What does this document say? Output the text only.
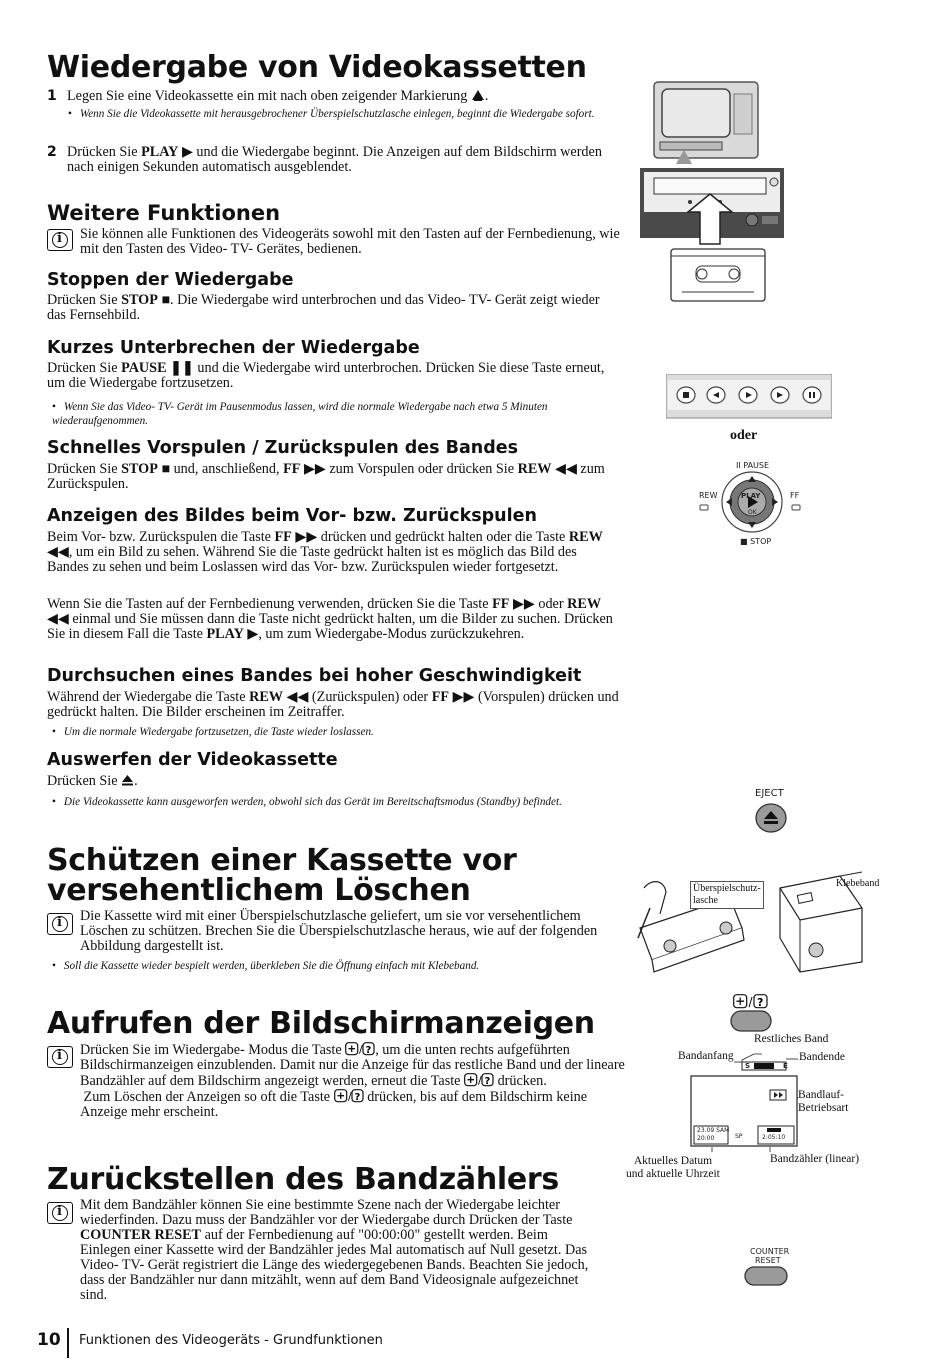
Wiedergabe von Videokassetten
1 Legen Sie eine Videokassette ein mit nach oben zeigender Markierung .

• Wenn Sie die Videokassette mit herausgebrochener Überspielschutzlasche einlegen, beginnt die Wiedergabe sofort.

2 Drücken Sie PLAY ▶ und die Wiedergabe beginnt. Die Anzeigen auf dem Bildschirm werden nach einigen Sekunden automatisch ausgeblendet.

Weitere Funktionen
i

Sie können alle Funktionen des Videogeräts sowohl mit den Tasten auf der Fernbedienung, wie mit den Tasten des Video- TV- Gerätes, bedienen.

Stoppen der Wiedergabe

Drücken Sie STOP ■. Die Wiedergabe wird unterbrochen und das Video- TV- Gerät zeigt wieder das Fernsehbild.

Kurzes Unterbrechen der Wiedergabe

Drücken Sie PAUSE ❚❚ und die Wiedergabe wird unterbrochen. Drücken Sie diese Taste erneut, um die Wiedergabe fortzusetzen.

• Wenn Sie das Video- TV- Gerät im Pausenmodus lassen, wird die normale Wiedergabe nach etwa 5 Minuten wiederaufgenommen.

Schnelles Vorspulen / Zurückspulen des Bandes

Drücken Sie STOP ■ und, anschließend, FF ▶▶ zum Vorspulen oder drücken Sie REW ◀◀ zum Zurückspulen.

Anzeigen des Bildes beim Vor- bzw. Zurückspulen

Beim Vor- bzw. Zurückspulen die Taste FF ▶▶ drücken und gedrückt halten oder die Taste REW ◀◀, um ein Bild zu sehen. Während Sie die Taste gedrückt halten ist es möglich das Bild des Bandes zu sehen und beim Loslassen wird das Vor- bzw. Zurückspulen wieder fortgesetzt.

Wenn Sie die Tasten auf der Fernbedienung verwenden, drücken Sie die Taste FF ▶▶ oder REW ◀◀ einmal und Sie müssen dann die Taste nicht gedrückt halten, um die Bilder zu suchen. Drücken Sie in diesem Fall die Taste PLAY ▶, um zum Wiedergabe-Modus zurückzukehren.

Durchsuchen eines Bandes bei hoher Geschwindigkeit

Während der Wiedergabe die Taste REW ◀◀ (Zurückspulen) oder FF ▶▶ (Vorspulen) drücken und gedrückt halten. Die Bilder erscheinen im Zeitraffer.

• Um die normale Wiedergabe fortzusetzen, die Taste wieder loslassen.

Auswerfen der Videokassette

Drücken Sie .

• Die Videokassette kann ausgeworfen werden, obwohl sich das Gerät im Bereitschaftsmodus (Standby) befindet.

Schützen einer Kassette vor
versehentlichem Löschen
i

Die Kassette wird mit einer Überspielschutzlasche geliefert, um sie vor versehentlichem Löschen zu schützen. Brechen Sie die Überspielschutzlasche heraus, wie auf der folgenden Abbildung dargestellt ist.

• Soll die Kassette wieder bespielt werden, überkleben Sie die Öffnung einfach mit Klebeband.

Aufrufen der Bildschirmanzeigen
i

Drücken Sie im Wiedergabe- Modus die Taste / ? , um die unten rechts aufgeführten Bildschirmanzeigen einzublenden. Damit nur die Anzeige für das restliche Band und der lineare Bandzähler auf dem Bildschirm angezeigt werden, erneut die Taste / ? drücken.
Zum Löschen der Anzeigen so oft die Taste / ? drücken, bis auf dem Bildschirm keine Anzeige mehr erscheint.

Zurückstellen des Bandzählers
i

Mit dem Bandzähler können Sie eine bestimmte Szene nach der Wiedergabe leichter wiederfinden. Dazu muss der Bandzähler vor der Wiedergabe durch Drücken der Taste COUNTER RESET auf der Fernbedienung auf "00:00:00" gestellt werden. Beim Einlegen einer Kassette wird der Bandzähler jedes Mal automatisch auf Null gesetzt. Das Video- TV- Gerät registriert die Länge des wiedergegebenen Bands. Beachten Sie jedoch, dass der Bandzähler nur dann mitzählt, wenn auf dem Band Videosignale aufgezeichnet sind.

10 Funktionen des Videogeräts - Grundfunktionen
oder
II PAUSE
REW	FF
PLAY
OK
■ STOP
EJECT
Überspielschutz-
lasche
Klebeband
/ ?
Restliches Band
Bandanfang	Bandende
Bandlauf-
Betriebsart
Aktuelles Datum
und aktuelle Uhrzeit
Bandzähler (linear)
S	E
23.09 SAM
20:00	SP	2:05:10
COUNTER
RESET
